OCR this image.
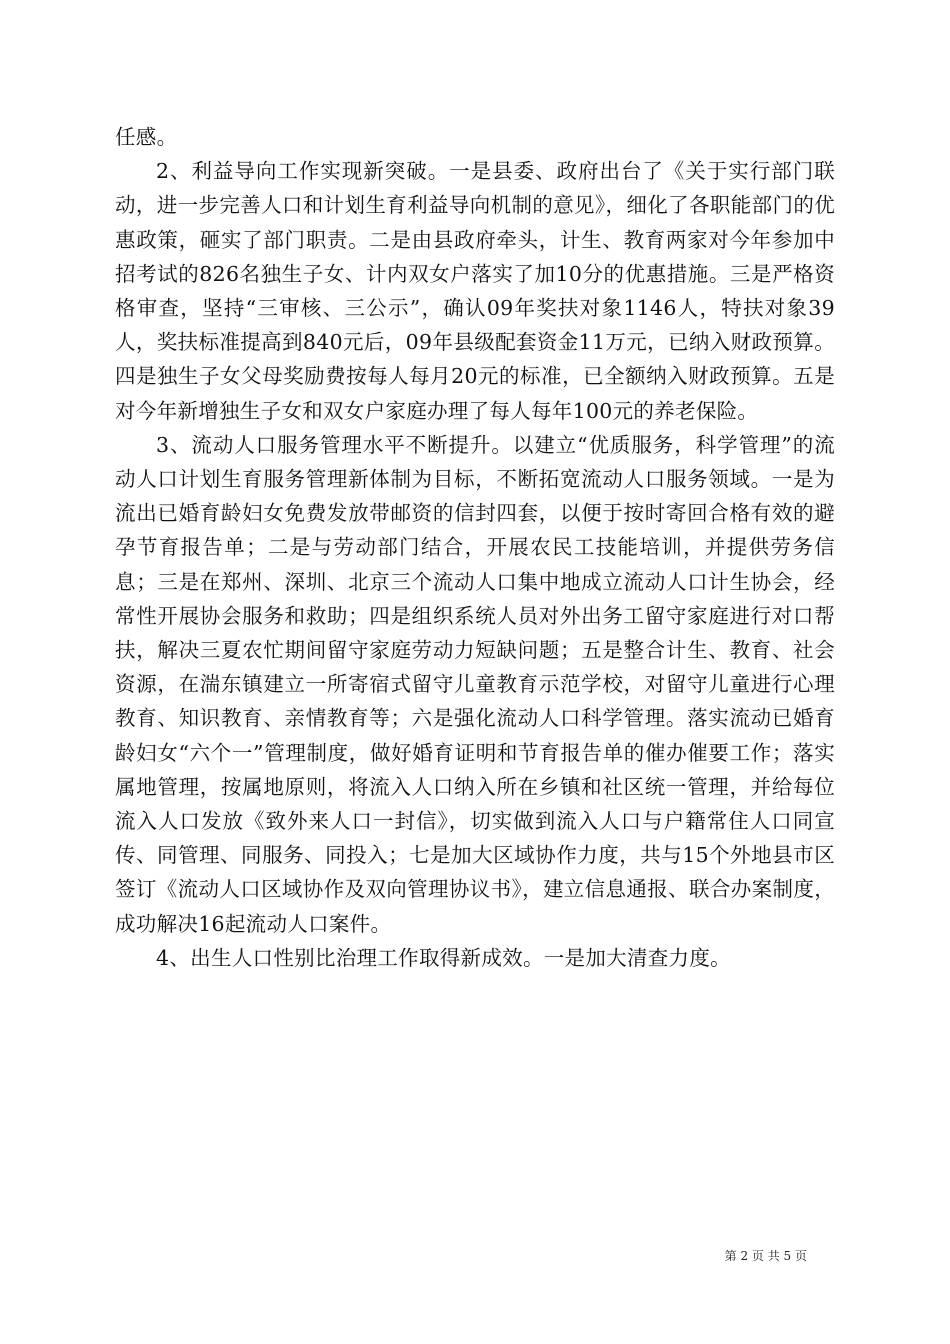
任感。

2、利益导向工作实现新突破。一是县委、政府出台了《关于实行部门联动，进一步完善人口和计划生育利益导向机制的意见》，细化了各职能部门的优惠政策，砸实了部门职责。二是由县政府牵头，计生、教育两家对今年参加中招考试的826名独生子女、计内双女户落实了加10分的优惠措施。三是严格资格审查，坚持“三审核、三公示”，确认09年奖扶对象1146人，特扶对象39人，奖扶标准提高到840元后，09年县级配套资金11万元，已纳入财政预算。四是独生子女父母奖励费按每人每月20元的标准，已全额纳入财政预算。五是对今年新增独生子女和双女户家庭办理了每人每年100元的养老保险。

3、流动人口服务管理水平不断提升。以建立“优质服务，科学管理”的流动人口计划生育服务管理新体制为目标，不断拓宽流动人口服务领域。一是为流出已婚育龄妇女免费发放带邮资的信封四套，以便于按时寄回合格有效的避孕节育报告单；二是与劳动部门结合，开展农民工技能培训，并提供劳务信息；三是在郑州、深圳、北京三个流动人口集中地成立流动人口计生协会，经常性开展协会服务和救助；四是组织系统人员对外出务工留守家庭进行对口帮扶，解决三夏农忙期间留守家庭劳动力短缺问题；五是整合计生、教育、社会资源，在湍东镇建立一所寄宿式留守儿童教育示范学校，对留守儿童进行心理教育、知识教育、亲情教育等；六是强化流动人口科学管理。落实流动已婚育龄妇女“六个一”管理制度，做好婚育证明和节育报告单的催办催要工作；落实属地管理，按属地原则，将流入人口纳入所在乡镇和社区统一管理，并给每位流入人口发放《致外来人口一封信》，切实做到流入人口与户籍常住人口同宣传、同管理、同服务、同投入；七是加大区域协作力度，共与15个外地县市区签订《流动人口区域协作及双向管理协议书》，建立信息通报、联合办案制度，成功解决16起流动人口案件。

4、出生人口性别比治理工作取得新成效。一是加大清查力度。

第 2 页 共 5 页
